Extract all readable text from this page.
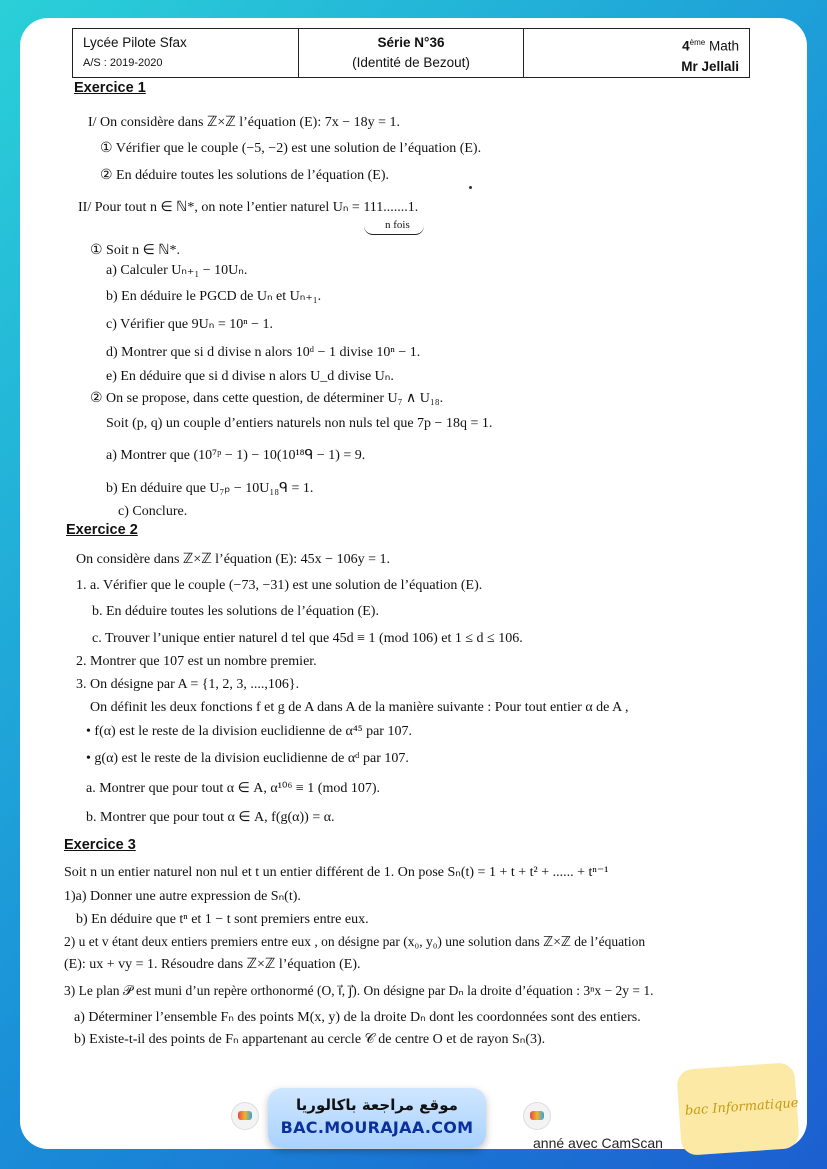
Lycée Pilote Sfax
A/S : 2019-2020
Série N°36
(Identité de Bezout)
4ème Math
Mr Jellali
Exercice 1
I/ On considère dans ℤ×ℤ l’équation (E): 7x − 18y = 1.
① Vérifier que le couple (−5, −2) est une solution de l’équation (E).
② En déduire toutes les solutions de l’équation (E).
II/ Pour tout n ∈ ℕ*, on note l’entier naturel Uₙ = 111.......1.
n fois
① Soit n ∈ ℕ*.
a) Calculer Uₙ₊₁ − 10Uₙ.
b) En déduire le PGCD de Uₙ et Uₙ₊₁.
c) Vérifier que 9Uₙ = 10ⁿ − 1.
d) Montrer que si d divise n alors 10ᵈ − 1 divise 10ⁿ − 1.
e) En déduire que si d divise n alors U_d divise Uₙ.
② On se propose, dans cette question, de déterminer U₇ ∧ U₁₈.
Soit (p, q) un couple d’entiers naturels non nuls tel que 7p − 18q = 1.
a) Montrer que (10⁷ᵖ − 1) − 10(10¹⁸ᑫ − 1) = 9.
b) En déduire que U₇ₚ − 10U₁₈ᑫ = 1.
c) Conclure.
Exercice 2
On considère dans ℤ×ℤ l’équation (E): 45x − 106y = 1.
1. a. Vérifier que le couple (−73, −31) est une solution de l’équation (E).
b. En déduire toutes les solutions de l’équation (E).
c. Trouver l’unique entier naturel d tel que 45d ≡ 1 (mod 106) et 1 ≤ d ≤ 106.
2. Montrer que 107 est un nombre premier.
3. On désigne par A = {1, 2, 3, ....,106}.
On définit les deux fonctions f et g de A dans A de la manière suivante : Pour tout entier α de A ,
• f(α) est le reste de la division euclidienne de α⁴⁵ par 107.
• g(α) est le reste de la division euclidienne de αᵈ par 107.
a. Montrer que pour tout α ∈ A, α¹⁰⁶ ≡ 1 (mod 107).
b. Montrer que pour tout α ∈ A, f(g(α)) = α.
Exercice 3
Soit n un entier naturel non nul et t un entier différent de 1. On pose Sₙ(t) = 1 + t + t² + ...... + tⁿ⁻¹
1)a) Donner une autre expression de Sₙ(t).
b) En déduire que tⁿ et 1 − t sont premiers entre eux.
2) u et v étant deux entiers premiers entre eux , on désigne par (x₀, y₀) une solution dans ℤ×ℤ de l’équation
(E): ux + vy = 1. Résoudre dans ℤ×ℤ l’équation (E).
3) Le plan 𝒫 est muni d’un repère orthonormé (O, i⃗, j⃗). On désigne par Dₙ la droite d’équation : 3ⁿx − 2y = 1.
a) Déterminer l’ensemble Fₙ des points M(x, y) de la droite Dₙ dont les coordonnées sont des entiers.
b) Existe-t-il des points de Fₙ appartenant au cercle 𝒞 de centre O et de rayon Sₙ(3).
anné avec CamScan
موقع مراجعة باكالوريا
BAC.MOURAJAA.COM
bac Informatique
